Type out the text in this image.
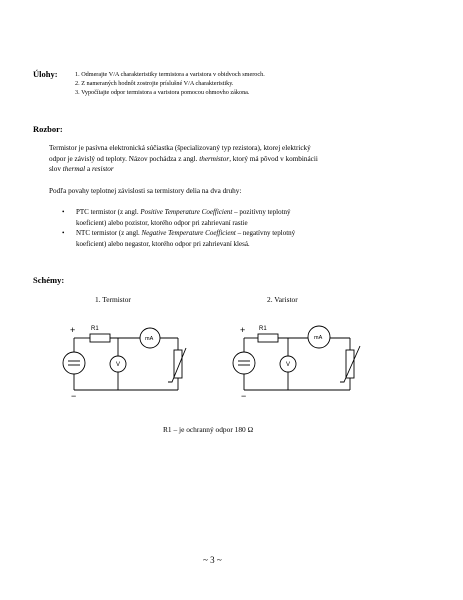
Úlohy:	1. Odmerajte V/A charakteristiky termistora a varistora v obidvoch smeroch.
2. Z nameraných hodnôt zostrojte príslušné V/A charakteristiky.
3. Vypočítajte odpor termistora a varistora pomocou ohmovho zákona.
Rozbor:
Termistor je pasívna elektronická súčiastka (špecializovaný typ rezistora), ktorej elektrický
odpor je závislý od teploty. Názov pochádza z angl. thermistor, ktorý má pôvod v kombinácii
slov thermal a resistor
Podľa povahy teplotnej závislosti sa termistory delia na dva druhy:
• PTC termistor (z angl. Positive Temperature Coefficient – pozitívny teplotný
koeficient) alebo pozistor, ktorého odpor pri zahrievaní rastie
• NTC termistor (z angl. Negative Temperature Coefficient – negatívny teplotný
koeficient) alebo negastor, ktorého odpor pri zahrievaní klesá.
Schémy:
1. Termistor	2. Varistor
+
−
R1
mA
V
+
−
R1
mA
V
R1 – je ochranný odpor 180 Ω
~ 3 ~
